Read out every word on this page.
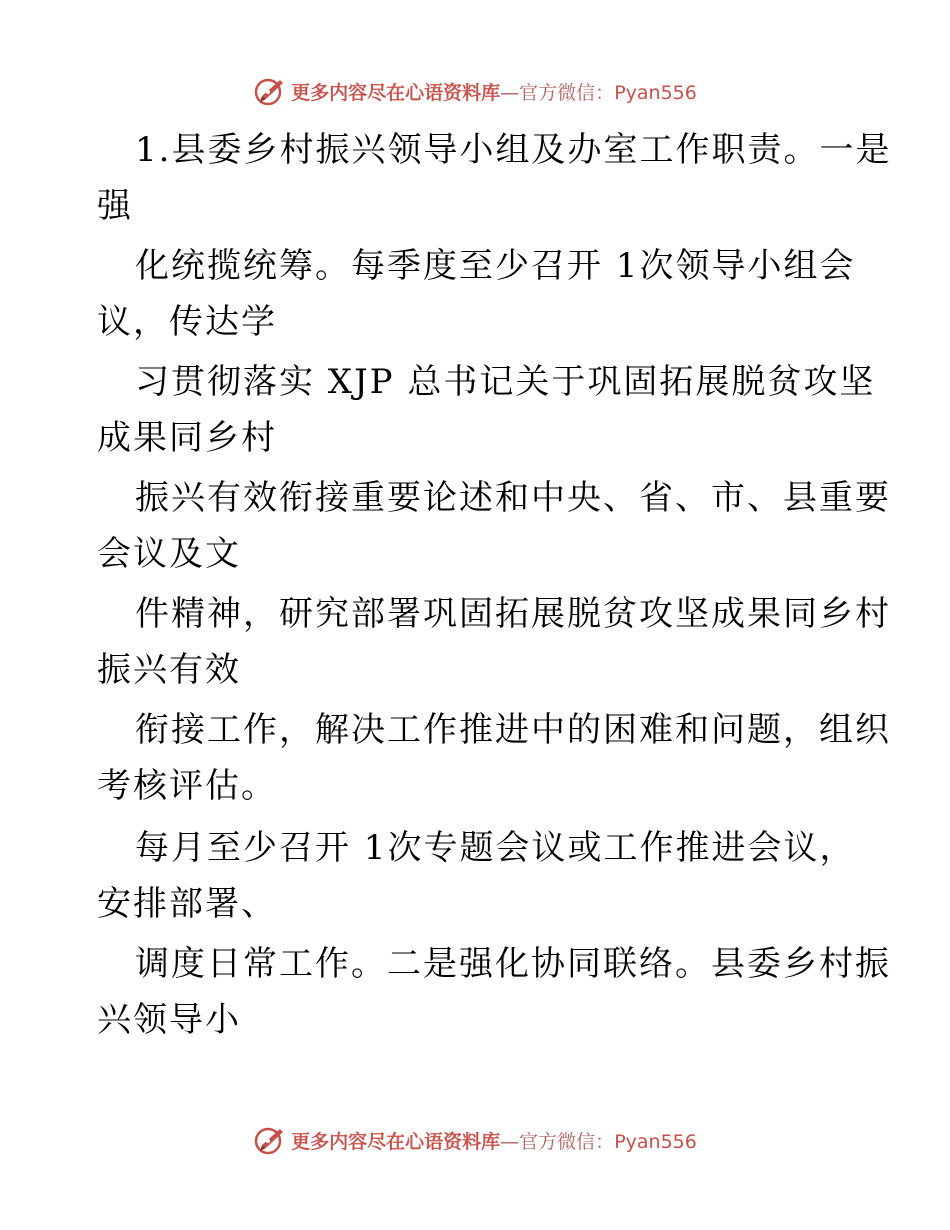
更多内容尽在心语资料库—官方微信：Pyan556
1.县委乡村振兴领导小组及办室工作职责。一是
强
化统揽统筹。每季度至少召开 1次领导小组会
议，传达学
习贯彻落实 XJP 总书记关于巩固拓展脱贫攻坚
成果同乡村
振兴有效衔接重要论述和中央、省、市、县重要
会议及文
件精神，研究部署巩固拓展脱贫攻坚成果同乡村
振兴有效
衔接工作，解决工作推进中的困难和问题，组织
考核评估。
每月至少召开 1次专题会议或工作推进会议，
安排部署、
调度日常工作。二是强化协同联络。县委乡村振
兴领导小
更多内容尽在心语资料库—官方微信：Pyan556
